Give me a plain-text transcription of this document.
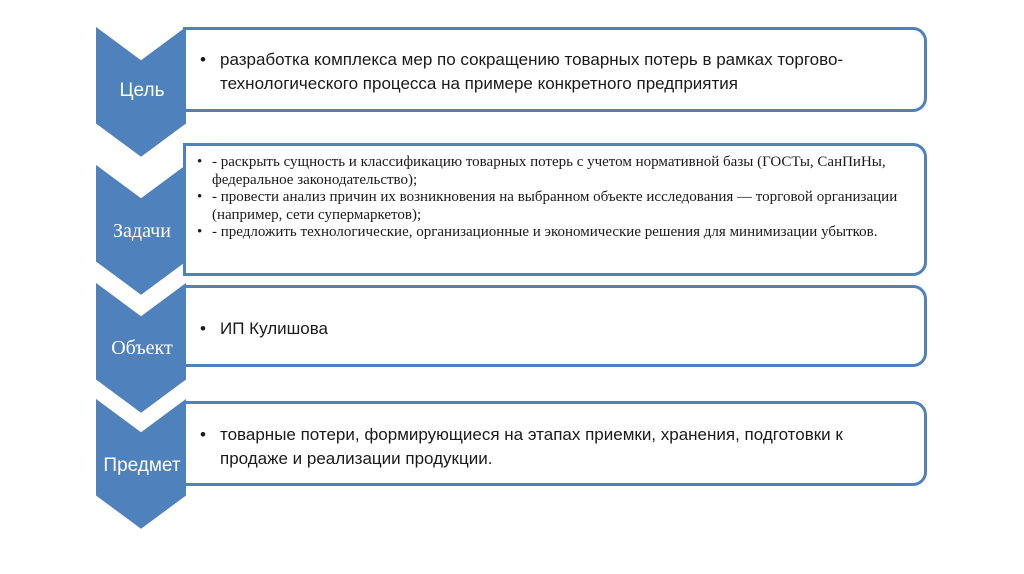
Цель
Задачи
Объект
Предмет
• разработка комплекса мер по сокращению товарных потерь в рамках торгово-технологического процесса на примере конкретного предприятия
• - раскрыть сущность и классификацию товарных потерь с учетом нормативной базы (ГОСТы, СанПиНы, федеральное законодательство);
• - провести анализ причин их возникновения на выбранном объекте исследования — торговой организации (например, сети супермаркетов);
• - предложить технологические, организационные и экономические решения для минимизации убытков.
• ИП Кулишова
• товарные потери, формирующиеся на этапах приемки, хранения, подготовки к продаже и реализации продукции.
